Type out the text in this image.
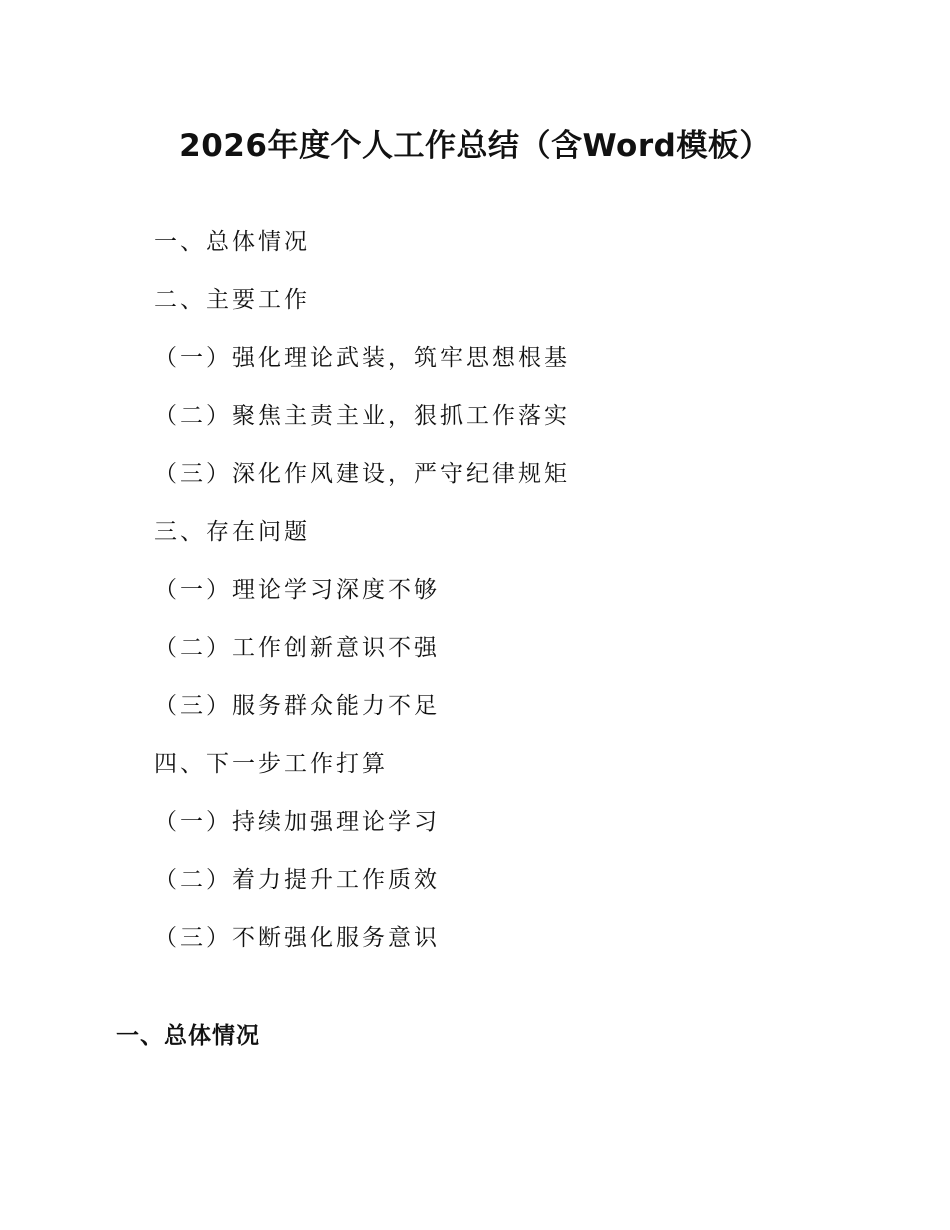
2026年度个人工作总结（含Word模板）
一、总体情况
二、主要工作
（一）强化理论武装，筑牢思想根基
（二）聚焦主责主业，狠抓工作落实
（三）深化作风建设，严守纪律规矩
三、存在问题
（一）理论学习深度不够
（二）工作创新意识不强
（三）服务群众能力不足
四、下一步工作打算
（一）持续加强理论学习
（二）着力提升工作质效
（三）不断强化服务意识
一、总体情况
